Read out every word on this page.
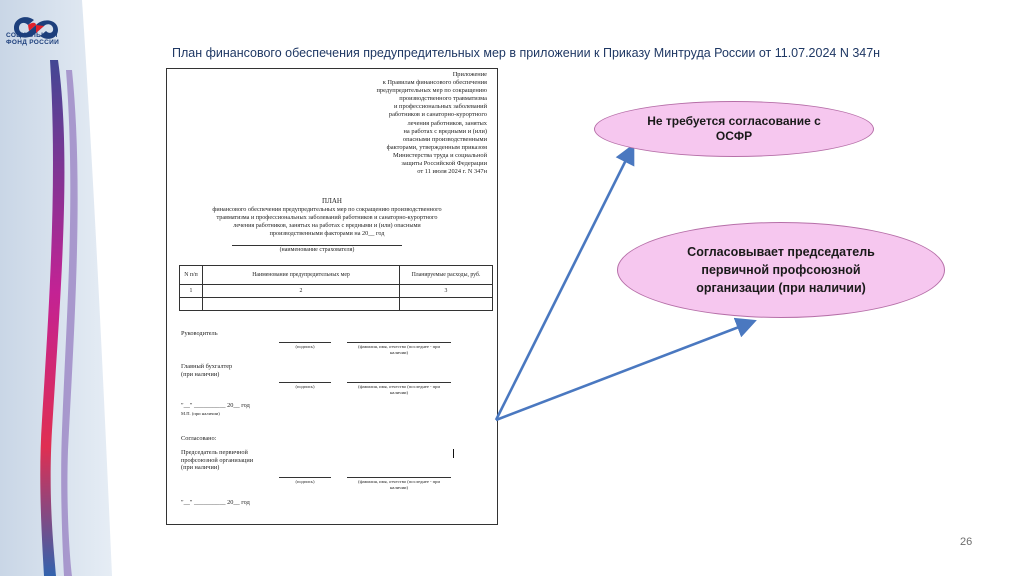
СОЦИАЛЬНЫЙ
ФОНД РОССИИ
План финансового обеспечения предупредительных мер в приложении к Приказу Минтруда России от 11.07.2024 N 347н
Приложение
к Правилам финансового обеспечения
предупредительных мер по сокращению
производственного травматизма
и профессиональных заболеваний
работников и санаторно-курортного
лечения работников, занятых
на работах с вредными и (или)
опасными производственными
факторами, утвержденным приказом
Министерства труда и социальной
защиты Российской Федерации
от 11 июля 2024 г. N 347н
ПЛАН
финансового обеспечения предупредительных мер по сокращению производственного
травматизма и профессиональных заболеваний работников и санаторно-курортного
лечения работников, занятых на работах с вредными и (или) опасными
производственными факторами на 20__ год
(наименование страхователя)
N п/п	Наименование предупредительных мер	Планируемые расходы, руб.
1	2	3

Руководитель
(подпись)	(фамилия, имя, отчество (последнее - при
наличии)
Главный бухгалтер
(при наличии)
(подпись)	(фамилия, имя, отчество (последнее - при
наличии)
"__" __________ 20__ год
М.П. (при наличии)
Согласовано:
Председатель первичной
профсоюзной организации
(при наличии)
(подпись)	(фамилия, имя, отчество (последнее - при
наличии)
"__" __________ 20__ год
Не требуется согласование с ОСФР
Согласовывает председатель первичной профсоюзной организации (при наличии)
26
